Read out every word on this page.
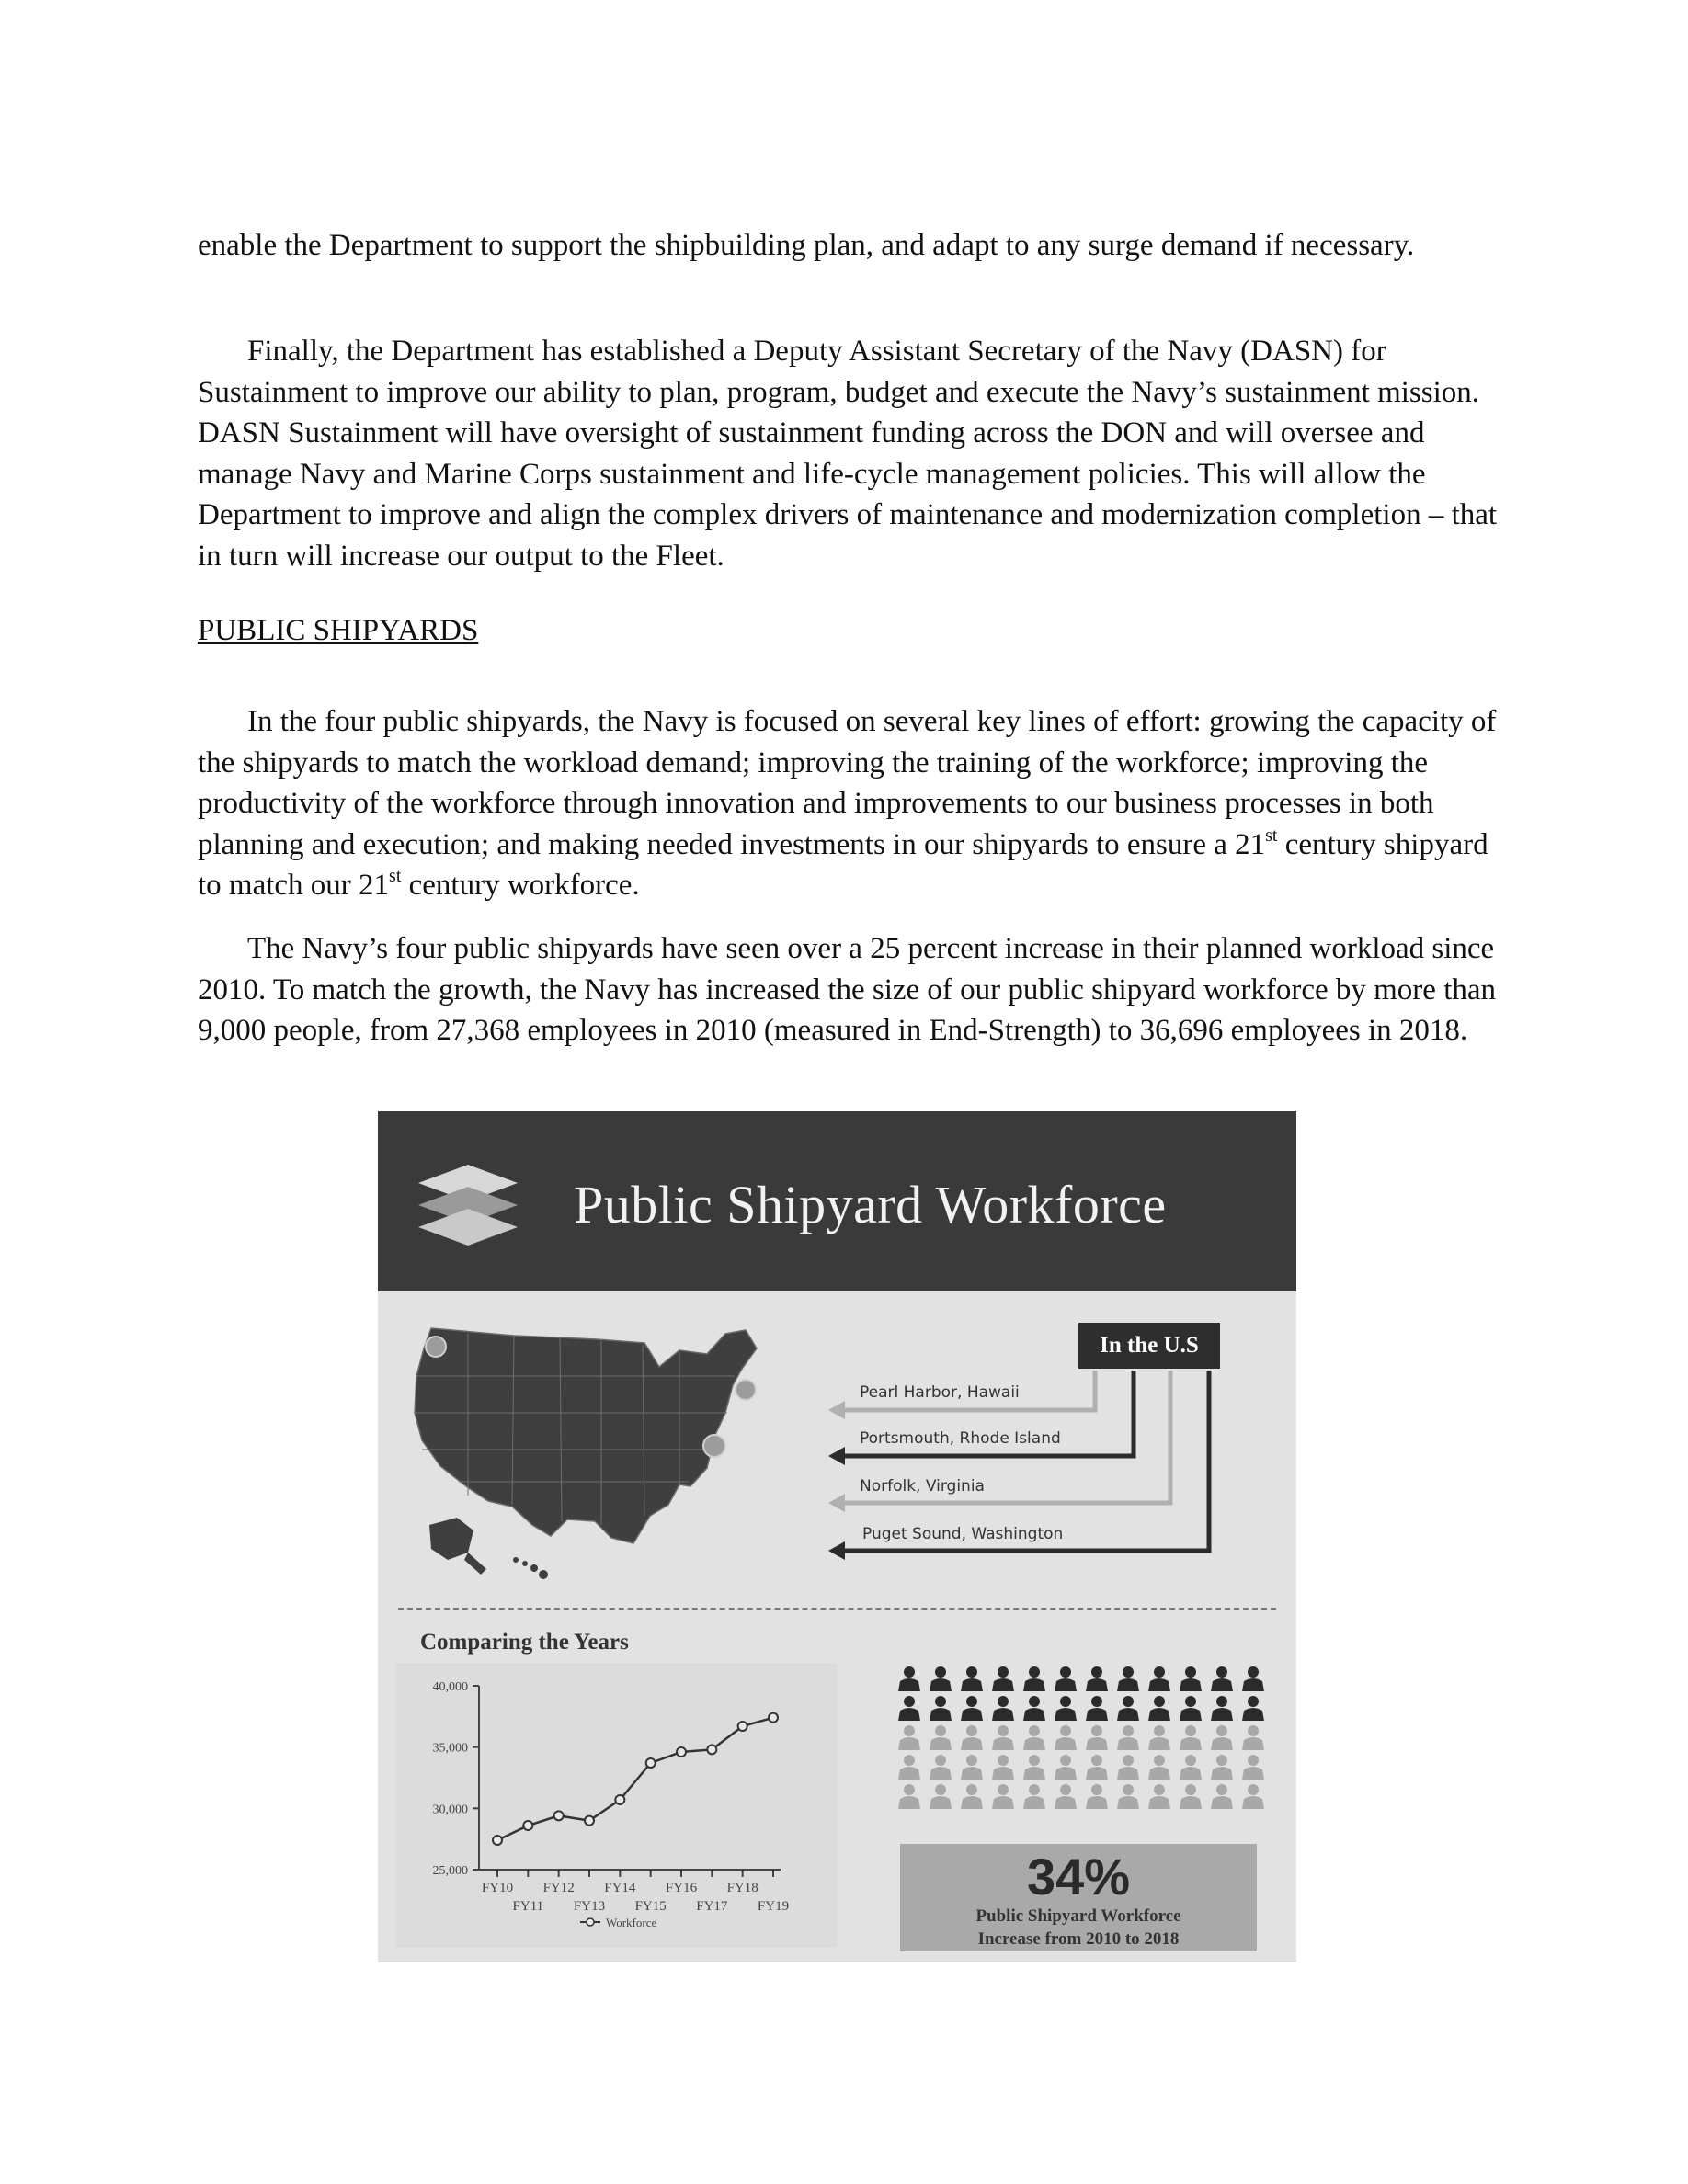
enable the Department to support the shipbuilding plan, and adapt to any surge demand if necessary.

Finally, the Department has established a Deputy Assistant Secretary of the Navy (DASN) for Sustainment to improve our ability to plan, program, budget and execute the Navy’s sustainment mission. DASN Sustainment will have oversight of sustainment funding across the DON and will oversee and manage Navy and Marine Corps sustainment and life-cycle management policies. This will allow the Department to improve and align the complex drivers of maintenance and modernization completion – that in turn will increase our output to the Fleet.

PUBLIC SHIPYARDS

In the four public shipyards, the Navy is focused on several key lines of effort: growing the capacity of the shipyards to match the workload demand; improving the training of the workforce; improving the productivity of the workforce through innovation and improvements to our business processes in both planning and execution; and making needed investments in our shipyards to ensure a 21st century shipyard to match our 21st century workforce.

The Navy’s four public shipyards have seen over a 25 percent increase in their planned workload since 2010. To match the growth, the Navy has increased the size of our public shipyard workforce by more than 9,000 people, from 27,368 employees in 2010 (measured in End-Strength) to 36,696 employees in 2018.

Public Shipyard Workforce
In the U.S
Pearl Harbor, Hawaii
Portsmouth, Rhode Island
Norfolk, Virginia
Puget Sound, Washington
Comparing the Years
40,000
35,000
30,000
25,000
FY10
FY11
FY12
FY13
FY14
FY15
FY16
FY17
FY18
FY19
Workforce
34%
Public Shipyard Workforce
Increase from 2010 to 2018
